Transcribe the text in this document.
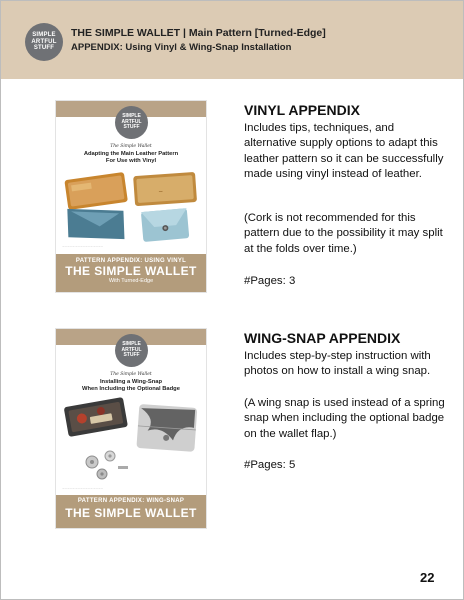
SIMPLE
ARTFUL
STUFF
THE SIMPLE WALLET | Main Pattern [Turned-Edge]
APPENDIX: Using Vinyl & Wing-Snap Installation
SIMPLE
ARTFUL
STUFF
The Simple Wallet
Adapting the Main Leather Pattern
For Use with Vinyl
~
.........................................................
PATTERN APPENDIX: USING VINYL
THE SIMPLE WALLET
With Turned-Edge
SIMPLE
ARTFUL
STUFF
The Simple Wallet
Installing a Wing-Snap
When Including the Optional Badge
.........................................................
PATTERN APPENDIX: WING-SNAP
THE SIMPLE WALLET
VINYL APPENDIX
Includes tips, techniques, and alternative supply options to adapt this leather pattern so it can be successfully made using vinyl instead of leather.
(Cork is not recommended for this pattern due to the possibility it may split at the folds over time.)
#Pages: 3
WING-SNAP APPENDIX
Includes step-by-step instruction with photos on how to install a wing snap.
(A wing snap is used instead of a spring snap when including the optional badge on the wallet flap.)
#Pages: 5
22
